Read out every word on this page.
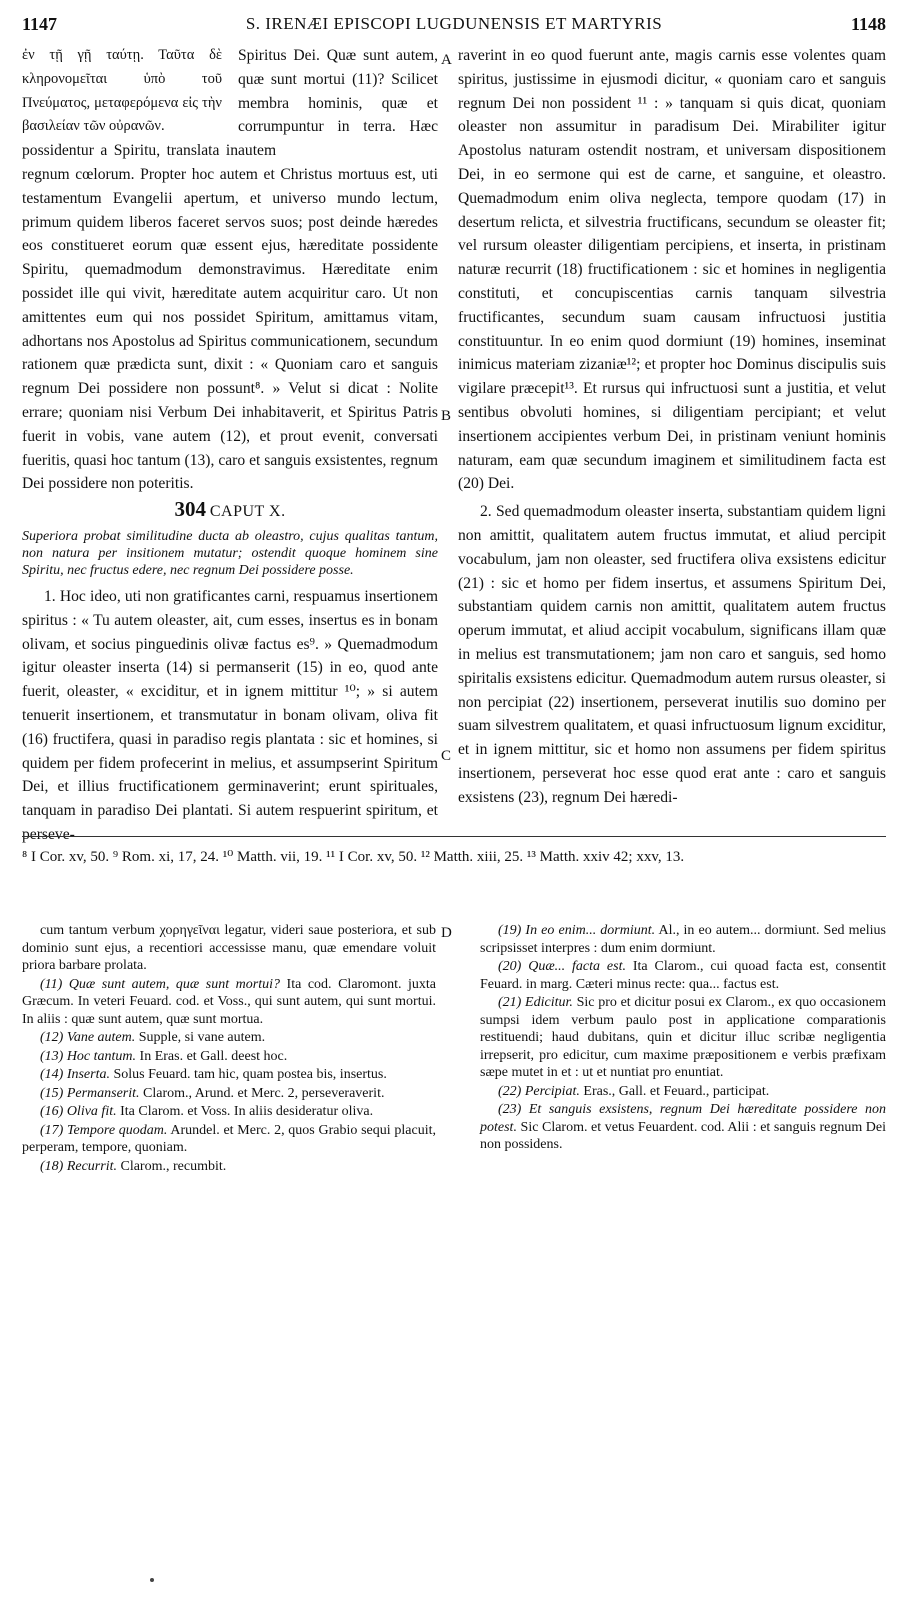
1147	S. IRENÆI EPISCOPI LUGDUNENSIS ET MARTYRIS	1148
A
B
C
D
ἐν τῇ γῇ ταύτῃ. Ταῦτα δὲ κληρονομεῖται ὑπὸ τοῦ Πνεύματος, μεταφερόμενα εἰς τὴν βασιλείαν τῶν οὐρανῶν.
Spiritus Dei. Quæ sunt autem, quæ sunt mortui (11)? Scilicet membra hominis, quæ et corrumpuntur in terra. Hæc autem

possidentur a Spiritu, translata in regnum cœlorum. Propter hoc autem et Christus mortuus est, uti testamentum Evangelii apertum, et universo mundo lectum, primum quidem liberos faceret servos suos; post deinde hæredes eos constitueret eorum quæ essent ejus, hæreditate possidente Spiritu, quemadmodum demonstravimus. Hæreditate enim possidet ille qui vivit, hæreditate autem acquiritur caro. Ut non amittentes eum qui nos possidet Spiritum, amittamus vitam, adhortans nos Apostolus ad Spiritus communicationem, secundum rationem quæ prædicta sunt, dixit : « Quoniam caro et sanguis regnum Dei possidere non possunt⁸. » Velut si dicat : Nolite errare; quoniam nisi Verbum Dei inhabitaverit, et Spiritus Patris fuerit in vobis, vane autem (12), et prout evenit, conversati fueritis, quasi hoc tantum (13), caro et sanguis exsistentes, regnum Dei possidere non poteritis.

304 CAPUT X.

Superiora probat similitudine ducta ab oleastro, cujus qualitas tantum, non natura per insitionem mutatur; ostendit quoque hominem sine Spiritu, nec fructus edere, nec regnum Dei possidere posse.

1. Hoc ideo, uti non gratificantes carni, respuamus insertionem spiritus : « Tu autem oleaster, ait, cum esses, insertus es in bonam olivam, et socius pinguedinis olivæ factus es⁹. » Quemadmodum igitur oleaster inserta (14) si permanserit (15) in eo, quod ante fuerit, oleaster, « exciditur, et in ignem mittitur ¹⁰; » si autem tenuerit insertionem, et transmutatur in bonam olivam, oliva fit (16) fructifera, quasi in paradiso regis plantata : sic et homines, si quidem per fidem profecerint in melius, et assumpserint Spiritum Dei, et illius fructificationem germinaverint; erunt spirituales, tanquam in paradiso Dei plantati. Si autem respuerint spiritum, et perseve-

raverint in eo quod fuerunt ante, magis carnis esse volentes quam spiritus, justissime in ejusmodi dicitur, « quoniam caro et sanguis regnum Dei non possident ¹¹ : » tanquam si quis dicat, quoniam oleaster non assumitur in paradisum Dei. Mirabiliter igitur Apostolus naturam ostendit nostram, et universam dispositionem Dei, in eo sermone qui est de carne, et sanguine, et oleastro. Quemadmodum enim oliva neglecta, tempore quodam (17) in desertum relicta, et silvestria fructificans, secundum se oleaster fit; vel rursum oleaster diligentiam percipiens, et inserta, in pristinam naturæ recurrit (18) fructificationem : sic et homines in negligentia constituti, et concupiscentias carnis tanquam silvestria fructificantes, secundum suam causam infructuosi justitia constituuntur. In eo enim quod dormiunt (19) homines, inseminat inimicus materiam zizaniæ¹²; et propter hoc Dominus discipulis suis vigilare præcepit¹³. Et rursus qui infructuosi sunt a justitia, et velut sentibus obvoluti homines, si diligentiam percipiant; et velut insertionem accipientes verbum Dei, in pristinam veniunt hominis naturam, eam quæ secundum imaginem et similitudinem facta est (20) Dei.

2. Sed quemadmodum oleaster inserta, substantiam quidem ligni non amittit, qualitatem autem fructus immutat, et aliud percipit vocabulum, jam non oleaster, sed fructifera oliva exsistens edicitur (21) : sic et homo per fidem insertus, et assumens Spiritum Dei, substantiam quidem carnis non amittit, qualitatem autem fructus operum immutat, et aliud accipit vocabulum, significans illam quæ in melius est transmutationem; jam non caro et sanguis, sed homo spiritalis exsistens edicitur. Quemadmodum autem rursus oleaster, si non percipiat (22) insertionem, perseverat inutilis suo domino per suam silvestrem qualitatem, et quasi infructuosum lignum exciditur, et in ignem mittitur, sic et homo non assumens per fidem spiritus insertionem, perseverat hoc esse quod erat ante : caro et sanguis exsistens (23), regnum Dei hæredi-

⁸ I Cor. xv, 50. ⁹ Rom. xi, 17, 24. ¹⁰ Matth. vii, 19. ¹¹ I Cor. xv, 50. ¹² Matth. xiii, 25. ¹³ Matth. xxiv 42; xxv, 13.

cum tantum verbum χορηγεῖναι legatur, videri saue posteriora, et sub dominio sunt ejus, a recentiori accessisse manu, quæ emendare voluit priora barbare prolata.

(11) Quæ sunt autem, quæ sunt mortui? Ita cod. Claromont. juxta Græcum. In veteri Feuard. cod. et Voss., qui sunt autem, qui sunt mortui. In aliis : quæ sunt autem, quæ sunt mortua.

(12) Vane autem. Supple, si vane autem.

(13) Hoc tantum. In Eras. et Gall. deest hoc.

(14) Inserta. Solus Feuard. tam hic, quam postea bis, insertus.

(15) Permanserit. Clarom., Arund. et Merc. 2, perseveraverit.

(16) Oliva fit. Ita Clarom. et Voss. In aliis desideratur oliva.

(17) Tempore quodam. Arundel. et Merc. 2, quos Grabio sequi placuit, perperam, tempore, quoniam.

(18) Recurrit. Clarom., recumbit.

(19) In eo enim... dormiunt. Al., in eo autem... dormiunt. Sed melius scripsisset interpres : dum enim dormiunt.

(20) Quæ... facta est. Ita Clarom., cui quoad facta est, consentit Feuard. in marg. Cæteri minus recte: qua... factus est.

(21) Edicitur. Sic pro et dicitur posui ex Clarom., ex quo occasionem sumpsi idem verbum paulo post in applicatione comparationis restituendi; haud dubitans, quin et dicitur illuc scribæ negligentia irrepserit, pro edicitur, cum maxime præpositionem e verbis præfixam sæpe mutet in et : ut et nuntiat pro enuntiat.

(22) Percipiat. Eras., Gall. et Feuard., participat.

(23) Et sanguis exsistens, regnum Dei hæreditate possidere non potest. Sic Clarom. et vetus Feuardent. cod. Alii : et sanguis regnum Dei non possidens.
